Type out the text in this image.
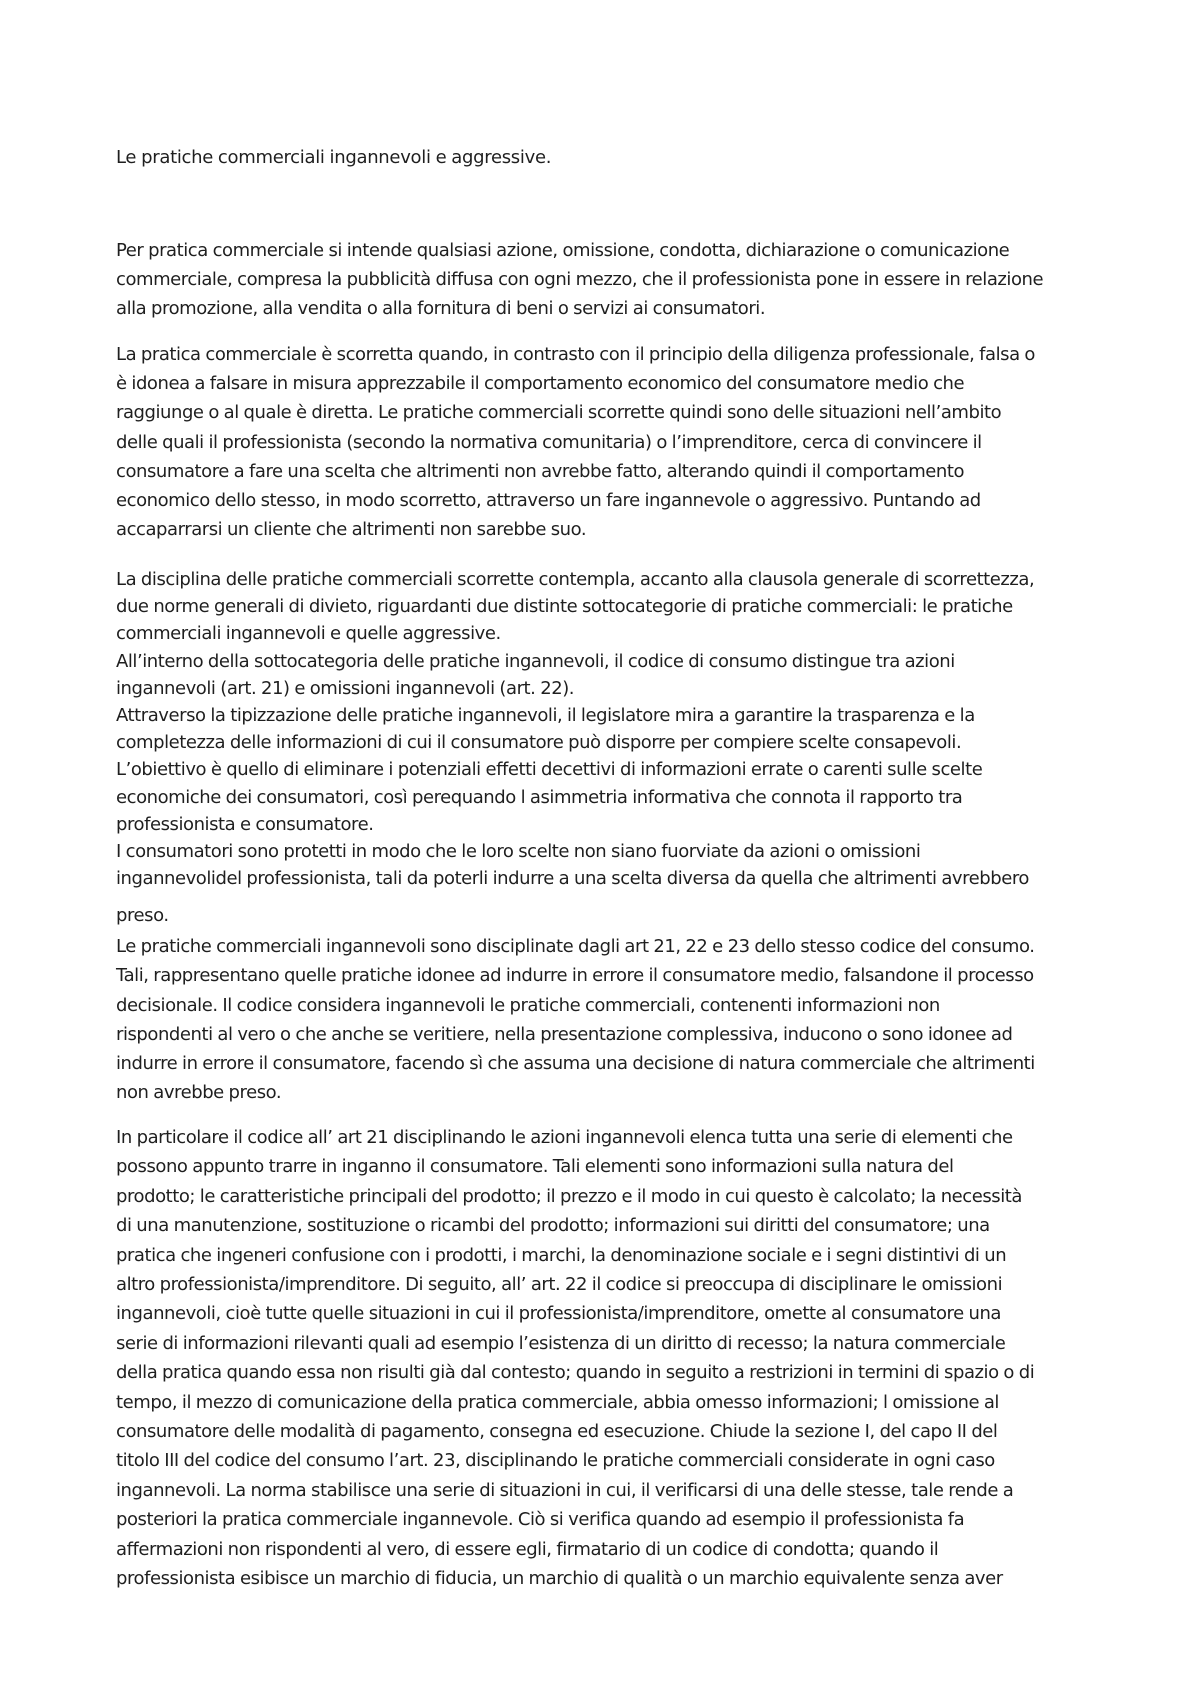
Le pratiche commerciali ingannevoli e aggressive.
Per pratica commerciale si intende qualsiasi azione, omissione, condotta, dichiarazione o comunicazione
commerciale, compresa la pubblicità diffusa con ogni mezzo, che il professionista pone in essere in relazione
alla promozione, alla vendita o alla fornitura di beni o servizi ai consumatori.
La pratica commerciale è scorretta quando, in contrasto con il principio della diligenza professionale, falsa o
è idonea a falsare in misura apprezzabile il comportamento economico del consumatore medio che
raggiunge o al quale è diretta. Le pratiche commerciali scorrette quindi sono delle situazioni nell’ambito
delle quali il professionista (secondo la normativa comunitaria) o l’imprenditore, cerca di convincere il
consumatore a fare una scelta che altrimenti non avrebbe fatto, alterando quindi il comportamento
economico dello stesso, in modo scorretto, attraverso un fare ingannevole o aggressivo. Puntando ad
accaparrarsi un cliente che altrimenti non sarebbe suo.
La disciplina delle pratiche commerciali scorrette contempla, accanto alla clausola generale di scorrettezza,
due norme generali di divieto, riguardanti due distinte sottocategorie di pratiche commerciali: le pratiche
commerciali ingannevoli e quelle aggressive.
All’interno della sottocategoria delle pratiche ingannevoli, il codice di consumo distingue tra azioni
ingannevoli (art. 21) e omissioni ingannevoli (art. 22).
Attraverso la tipizzazione delle pratiche ingannevoli, il legislatore mira a garantire la trasparenza e la
completezza delle informazioni di cui il consumatore può disporre per compiere scelte consapevoli.
L’obiettivo è quello di eliminare i potenziali effetti decettivi di informazioni errate o carenti sulle scelte
economiche dei consumatori, così perequando l asimmetria informativa che connota il rapporto tra
professionista e consumatore.
I consumatori sono protetti in modo che le loro scelte non siano fuorviate da azioni o omissioni
ingannevolidel professionista, tali da poterli indurre a una scelta diversa da quella che altrimenti avrebbero
preso.
Le pratiche commerciali ingannevoli sono disciplinate dagli art 21, 22 e 23 dello stesso codice del consumo.
Tali, rappresentano quelle pratiche idonee ad indurre in errore il consumatore medio, falsandone il processo
decisionale. Il codice considera ingannevoli le pratiche commerciali, contenenti informazioni non
rispondenti al vero o che anche se veritiere, nella presentazione complessiva, inducono o sono idonee ad
indurre in errore il consumatore, facendo sì che assuma una decisione di natura commerciale che altrimenti
non avrebbe preso.
In particolare il codice all’ art 21 disciplinando le azioni ingannevoli elenca tutta una serie di elementi che
possono appunto trarre in inganno il consumatore. Tali elementi sono informazioni sulla natura del
prodotto; le caratteristiche principali del prodotto; il prezzo e il modo in cui questo è calcolato; la necessità
di una manutenzione, sostituzione o ricambi del prodotto; informazioni sui diritti del consumatore; una
pratica che ingeneri confusione con i prodotti, i marchi, la denominazione sociale e i segni distintivi di un
altro professionista/imprenditore. Di seguito, all’ art. 22 il codice si preoccupa di disciplinare le omissioni
ingannevoli, cioè tutte quelle situazioni in cui il professionista/imprenditore, omette al consumatore una
serie di informazioni rilevanti quali ad esempio l’esistenza di un diritto di recesso; la natura commerciale
della pratica quando essa non risulti già dal contesto; quando in seguito a restrizioni in termini di spazio o di
tempo, il mezzo di comunicazione della pratica commerciale, abbia omesso informazioni; l omissione al
consumatore delle modalità di pagamento, consegna ed esecuzione. Chiude la sezione I, del capo II del
titolo III del codice del consumo l’art. 23, disciplinando le pratiche commerciali considerate in ogni caso
ingannevoli. La norma stabilisce una serie di situazioni in cui, il verificarsi di una delle stesse, tale rende a
posteriori la pratica commerciale ingannevole. Ciò si verifica quando ad esempio il professionista fa
affermazioni non rispondenti al vero, di essere egli, firmatario di un codice di condotta; quando il
professionista esibisce un marchio di fiducia, un marchio di qualità o un marchio equivalente senza aver
